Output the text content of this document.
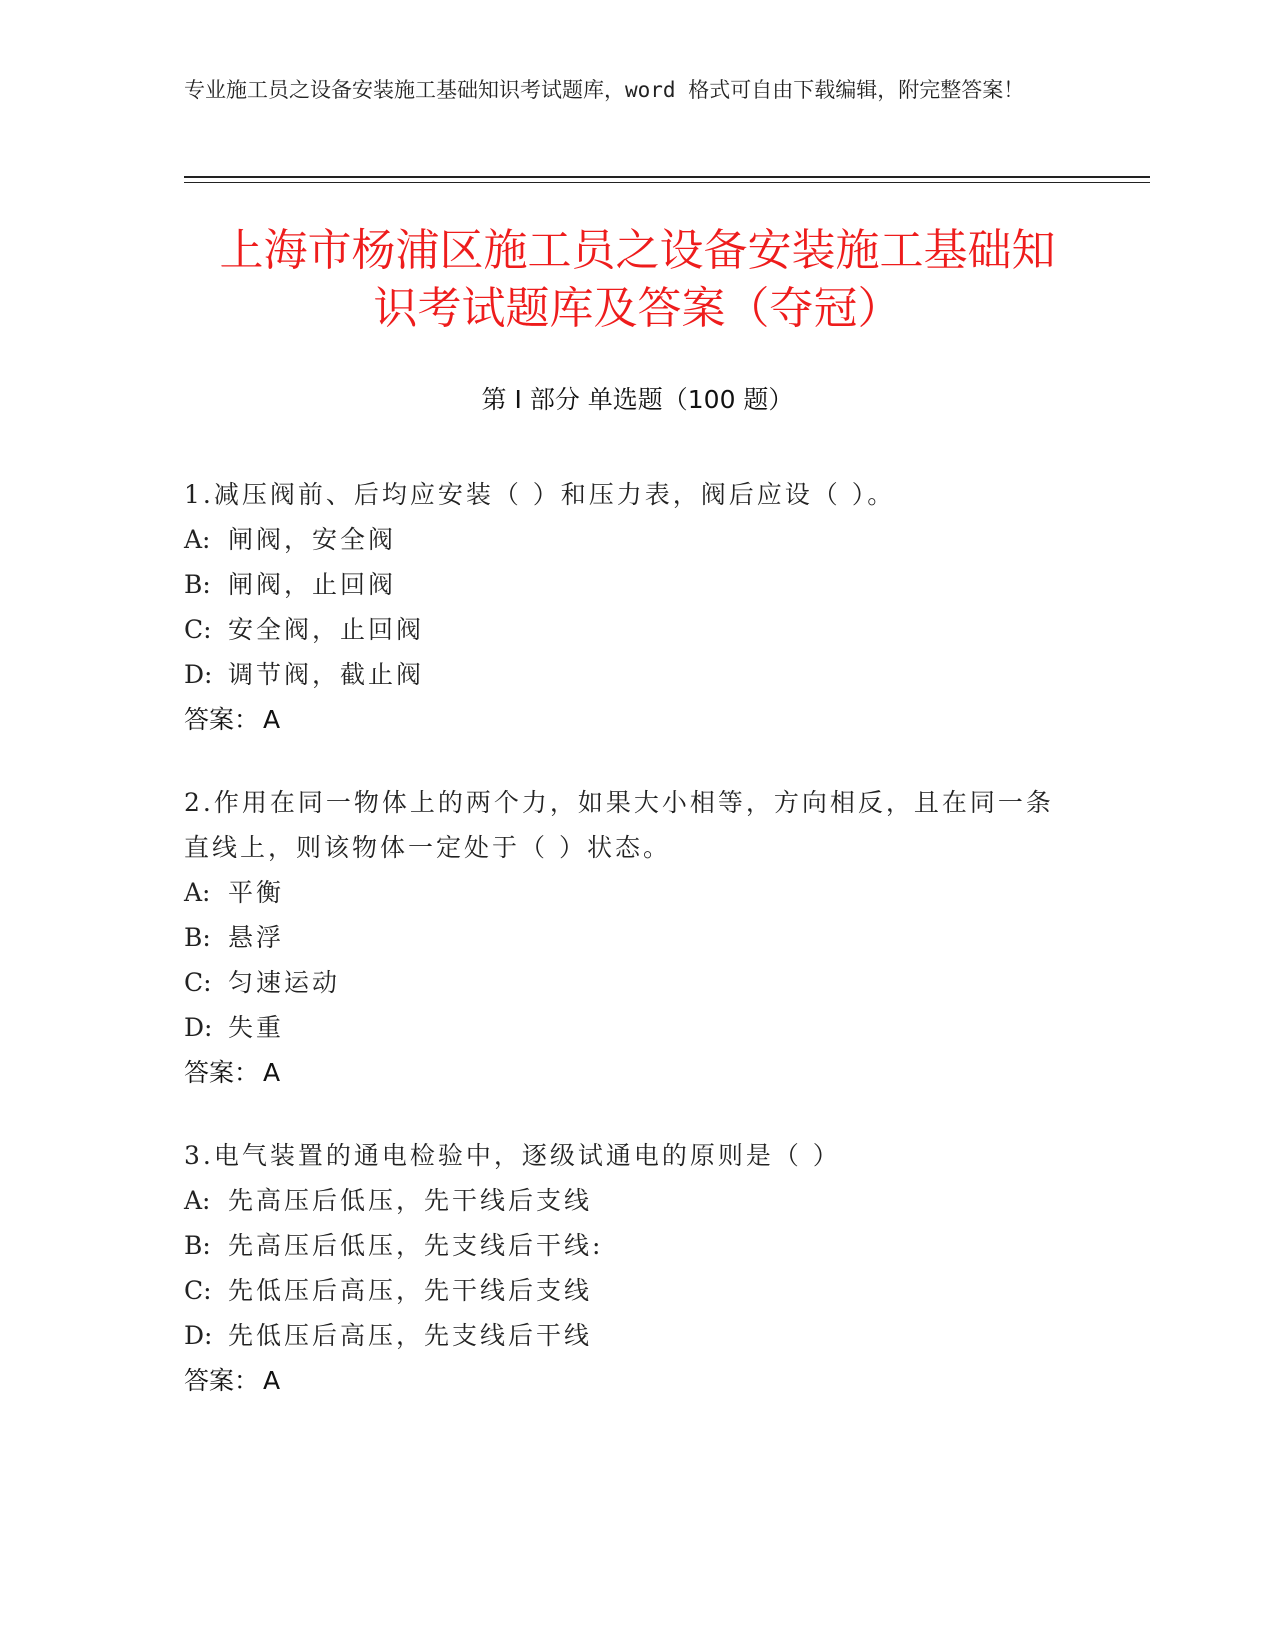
专业施工员之设备安装施工基础知识考试题库，word 格式可自由下载编辑，附完整答案！
上海市杨浦区施工员之设备安装施工基础知
识考试题库及答案（夺冠）
第 I 部分 单选题（100 题）
1.减压阀前、后均应安装（ ）和压力表，阀后应设（ ）。
A: 闸阀，安全阀
B: 闸阀，止回阀
C: 安全阀，止回阀
D: 调节阀，截止阀
答案： A
2.作用在同一物体上的两个力，如果大小相等，方向相反，且在同一条直线上，则该物体一定处于（ ）状态。
A: 平衡
B: 悬浮
C: 匀速运动
D: 失重
答案： A
3.电气装置的通电检验中，逐级试通电的原则是（ ）
A: 先高压后低压，先干线后支线
B: 先高压后低压，先支线后干线:
C: 先低压后高压，先干线后支线
D: 先低压后高压，先支线后干线
答案： A
